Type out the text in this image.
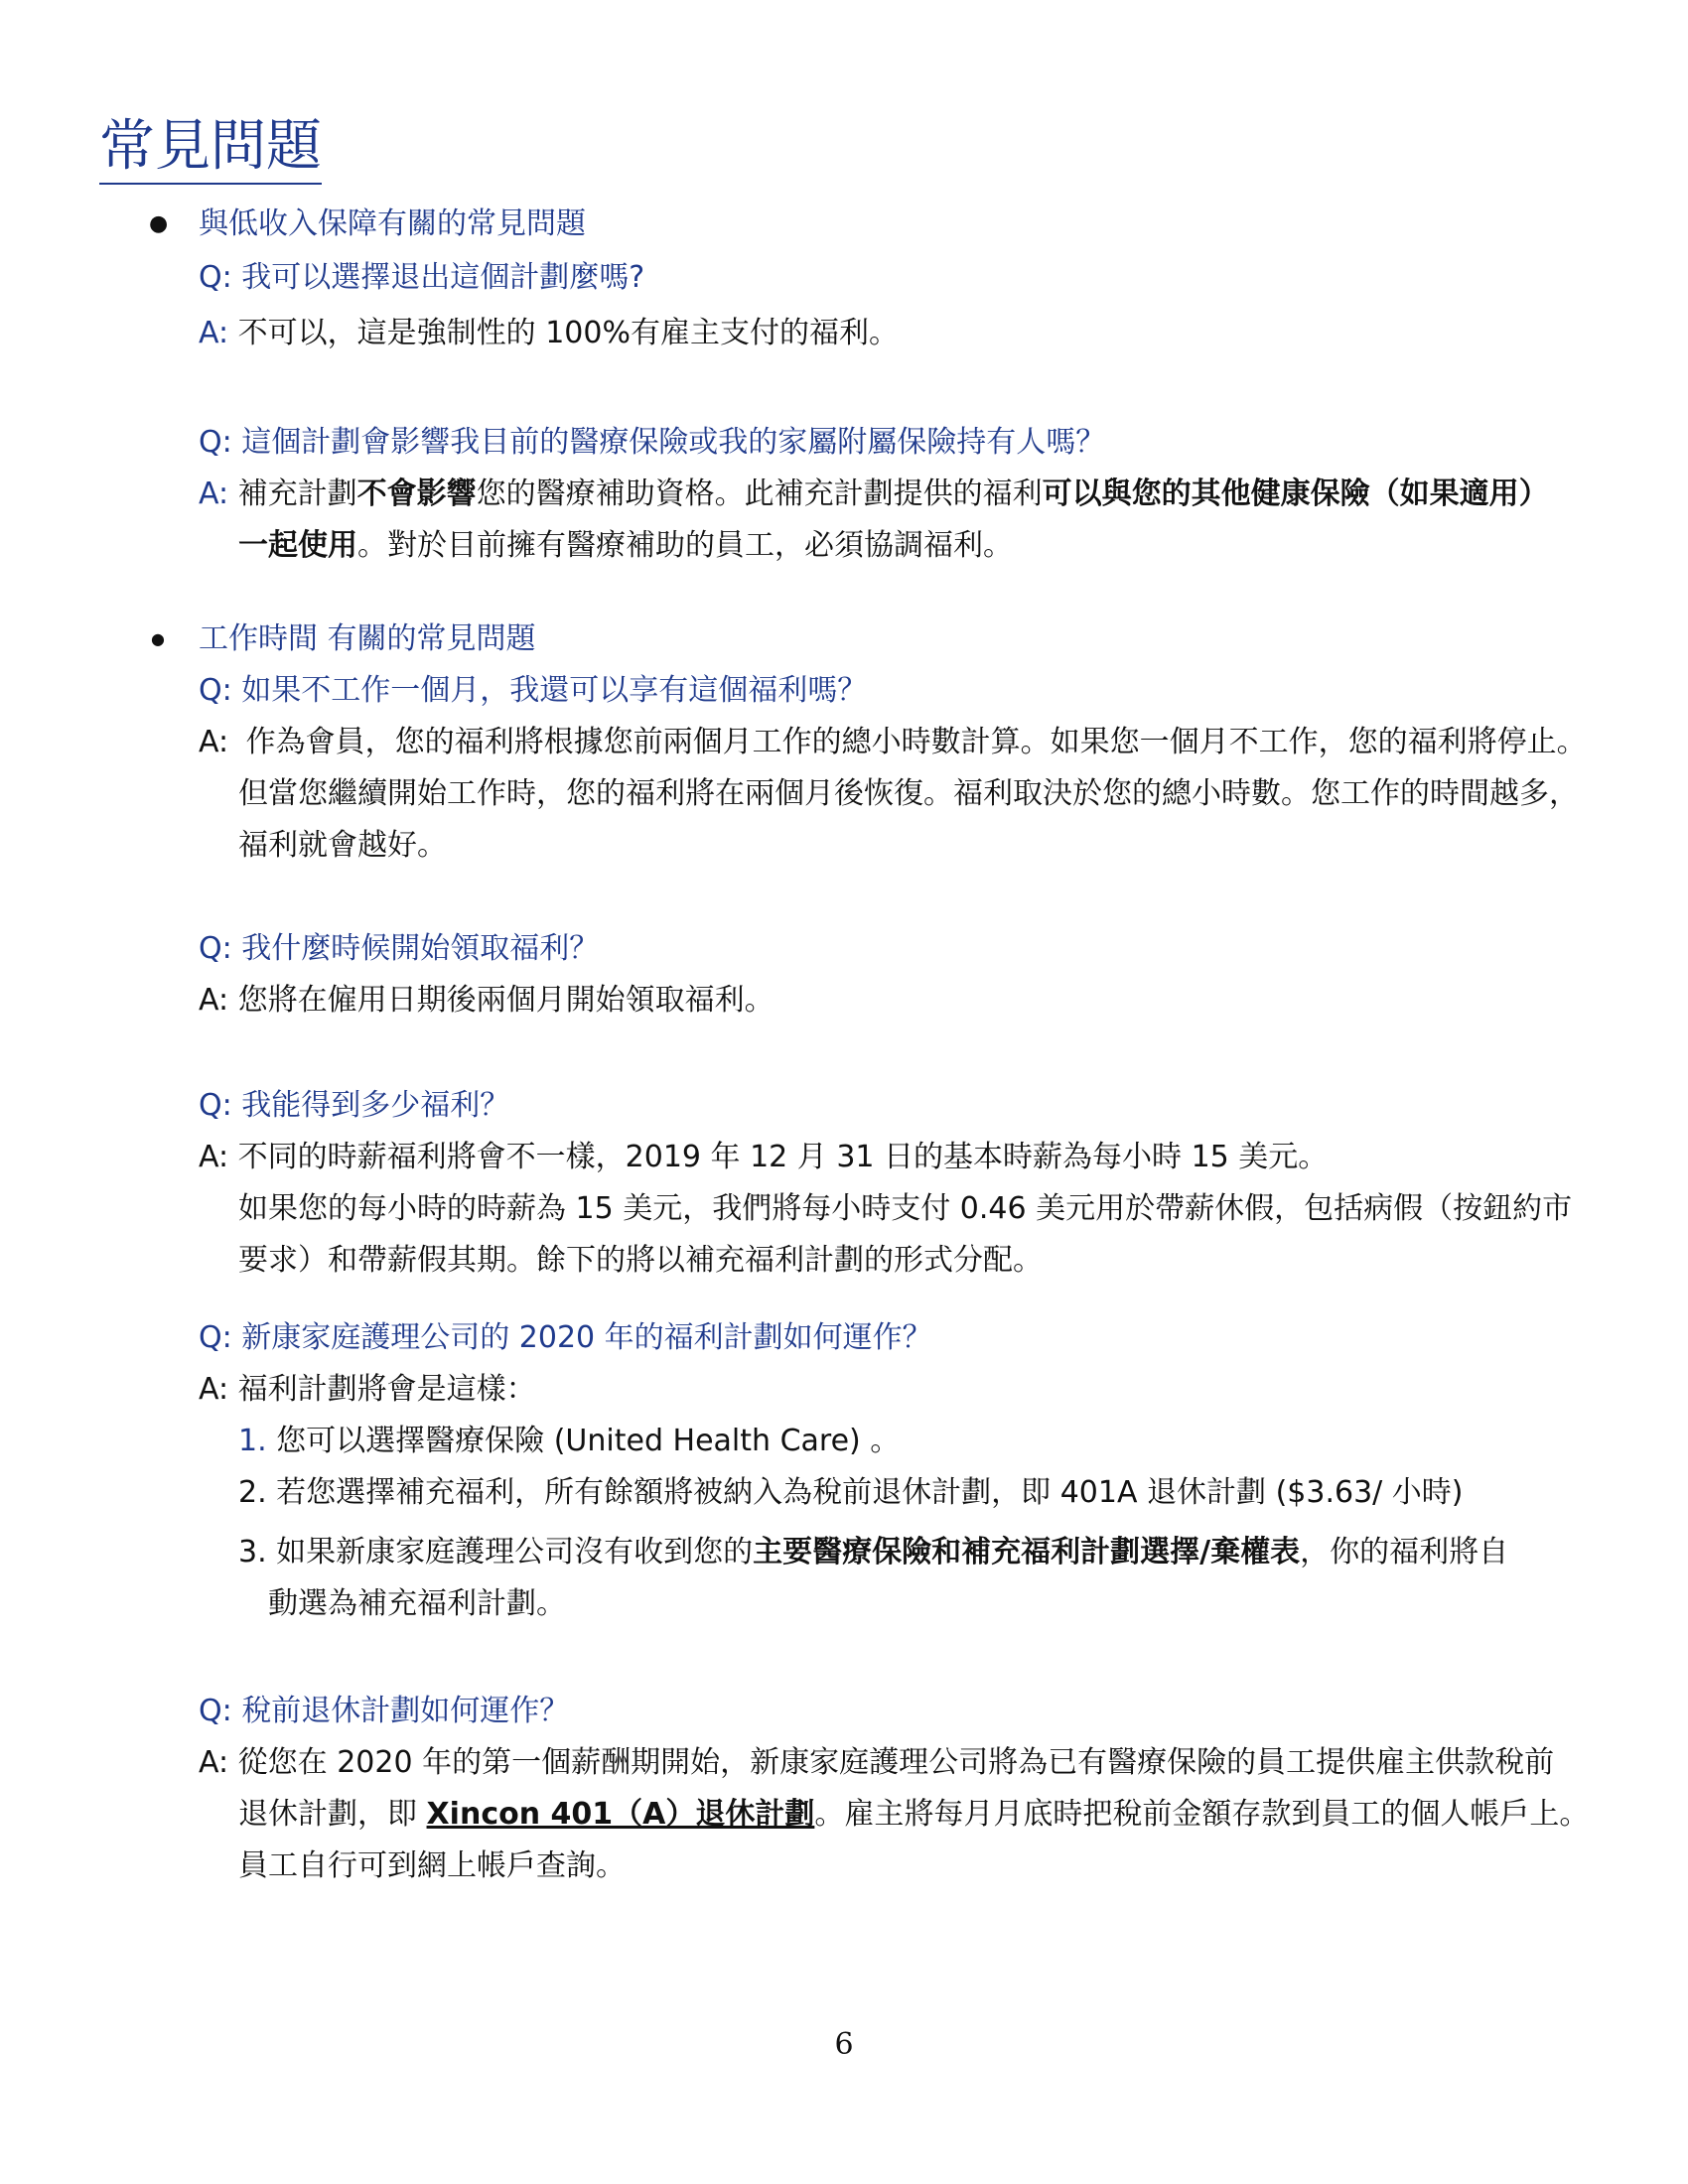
常見問題
● 與低收入保障有關的常見問題
Q: 我可以選擇退出這個計劃麼嗎?
A: 不可以，這是強制性的 100%有雇主支付的福利。
Q: 這個計劃會影響我目前的醫療保險或我的家屬附屬保險持有人嗎？
A: 補充計劃不會影響您的醫療補助資格。此補充計劃提供的福利可以與您的其他健康保險（如果適用）
一起使用。對於目前擁有醫療補助的員工，必須協調福利。
● 工作時間 有關的常見問題
Q: 如果不工作一個月，我還可以享有這個福利嗎？
A: 作為會員，您的福利將根據您前兩個月工作的總小時數計算。如果您一個月不工作，您的福利將停止。
但當您繼續開始工作時，您的福利將在兩個月後恢復。福利取決於您的總小時數。您工作的時間越多，
福利就會越好。
Q: 我什麼時候開始領取福利？
A: 您將在僱用日期後兩個月開始領取福利。
Q: 我能得到多少福利？
A: 不同的時薪福利將會不一樣，2019 年 12 月 31 日的基本時薪為每小時 15 美元。
如果您的每小時的時薪為 15 美元，我們將每小時支付 0.46 美元用於帶薪休假，包括病假（按鈕約市
要求）和帶薪假其期。餘下的將以補充福利計劃的形式分配。
Q: 新康家庭護理公司的 2020 年的福利計劃如何運作？
A: 福利計劃將會是這樣：
1. 您可以選擇醫療保險 (United Health Care) 。
2. 若您選擇補充福利，所有餘額將被納入為稅前退休計劃，即 401A 退休計劃 ($3.63/ 小時)
3. 如果新康家庭護理公司沒有收到您的主要醫療保險和補充福利計劃選擇/棄權表，你的福利將自
動選為補充福利計劃。
Q: 稅前退休計劃如何運作？
A: 從您在 2020 年的第一個薪酬期開始，新康家庭護理公司將為已有醫療保險的員工提供雇主供款稅前
退休計劃，即 Xincon 401（A）退休計劃。雇主將每月月底時把稅前金額存款到員工的個人帳戶上。
員工自行可到網上帳戶查詢。
6
